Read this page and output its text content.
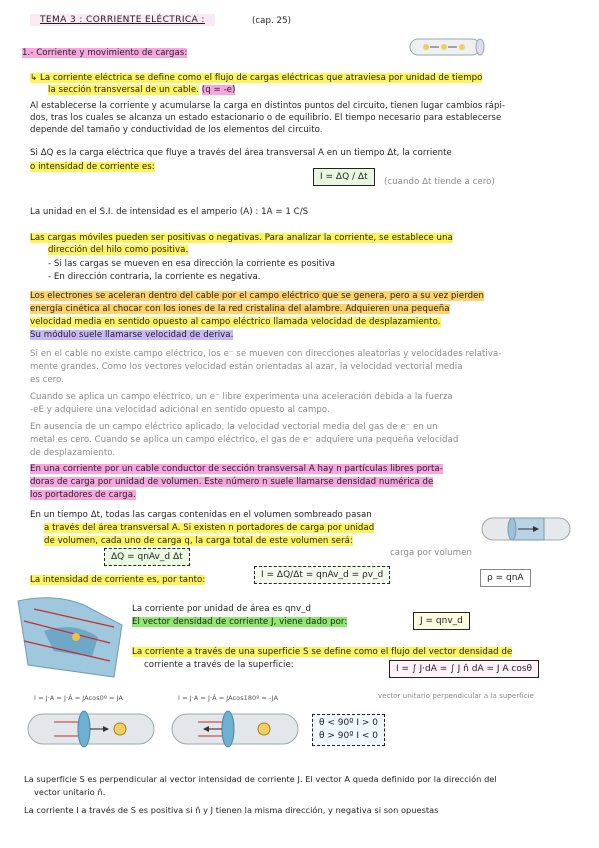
TEMA 3 : CORRIENTE ELÉCTRICA :	(cap. 25)
1.- Corriente y movimiento de cargas:
↳ La corriente eléctrica se define como el flujo de cargas eléctricas que atraviesa por unidad de tiempo
la sección transversal de un cable. (q = -e)
Al establecerse la corriente y acumularse la carga en distintos puntos del circuito, tienen lugar cambios rápi-
dos, tras los cuales se alcanza un estado estacionario o de equilibrio. El tiempo necesario para establecerse
depende del tamaño y conductividad de los elementos del circuito.
Si ΔQ es la carga eléctrica que fluye a través del área transversal A en un tiempo Δt, la corriente
o intensidad de corriente es:
I = ΔQ / Δt	(cuando Δt tiende a cero)
La unidad en el S.I. de intensidad es el amperio (A) : 1A = 1 C/S
Las cargas móviles pueden ser positivas o negativas. Para analizar la corriente, se establece una
dirección del hilo como positiva.
- Si las cargas se mueven en esa dirección la corriente es positiva
- En dirección contraria, la corriente es negativa.
Los electrones se aceleran dentro del cable por el campo eléctrico que se genera, pero a su vez pierden
energía cinética al chocar con los iones de la red cristalina del alambre. Adquieren una pequeña
velocidad media en sentido opuesto al campo eléctrico llamada velocidad de desplazamiento.
Su módulo suele llamarse velocidad de deriva.
Si en el cable no existe campo eléctrico, los e⁻ se mueven con direcciones aleatorias y velocidades relativa-
mente grandes. Como los vectores velocidad están orientadas al azar, la velocidad vectorial media
es cero.
Cuando se aplica un campo eléctrico, un e⁻ libre experimenta una aceleración debida a la fuerza
-eE y adquiere una velocidad adicional en sentido opuesto al campo.
En ausencia de un campo eléctrico aplicado, la velocidad vectorial media del gas de e⁻ en un
metal es cero. Cuando se aplica un campo eléctrico, el gas de e⁻ adquiere una pequeña velocidad
de desplazamiento.
En una corriente por un cable conductor de sección transversal A hay n partículas libres porta-
doras de carga por unidad de volumen. Este número n suele llamarse densidad numérica de
los portadores de carga.
En un tiempo Δt, todas las cargas contenidas en el volumen sombreado pasan
a través del área transversal A. Si existen n portadores de carga por unidad
de volumen, cada uno de carga q, la carga total de este volumen será:
ΔQ = qnAv_d Δt	carga por volumen
La intensidad de corriente es, por tanto:	I = ΔQ/Δt = qnAv_d = ρv_d	ρ = qnA
La corriente por unidad de área es qnv_d
El vector densidad de corriente J, viene dado por:	J = qnv_d
La corriente a través de una superficie S se define como el flujo del vector densidad de
corriente a través de la superficie:	I = ∫ J·dA = ∫ J n̂ dA = J A cosθ
vector unitario perpendicular a la superficie
I = J·A = J·Â = JAcos0º = JA	I = J·A = J·Â = JAcos180º = -JA
θ < 90º I > 0
θ > 90º I < 0
La superficie S es perpendicular al vector intensidad de corriente J. El vector A queda definido por la dirección del
vector unitario n̂.
La corriente I a través de S es positiva si n̂ y J tienen la misma dirección, y negativa si son opuestas
